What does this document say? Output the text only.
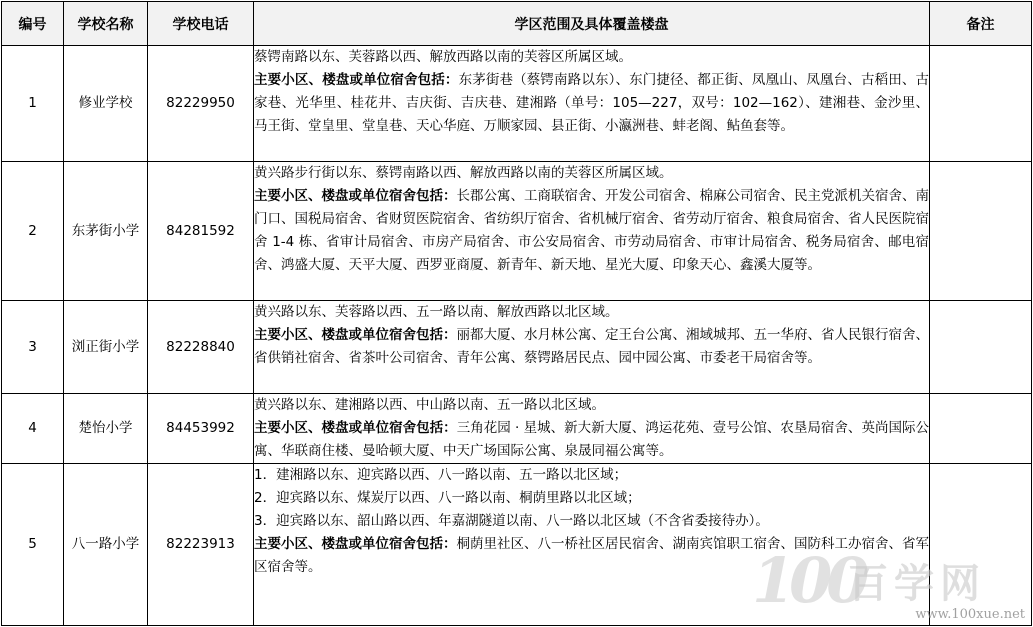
编号	学校名称	学校电话	学区范围及具体覆盖楼盘	备注
1	修业学校	82229950	蔡锷南路以东、芙蓉路以西、解放西路以南的芙蓉区所属区域。
主要小区、楼盘或单位宿舍包括：东茅街巷（蔡锷南路以东）、东门捷径、都正街、凤凰山、凤凰台、古稻田、古家巷、光华里、桂花井、吉庆街、吉庆巷、建湘路（单号：105—227，双号：102—162）、建湘巷、金沙里、马王街、堂皇里、堂皇巷、天心华庭、万顺家园、县正街、小瀛洲巷、蚌老阁、鲇鱼套等。	
2	东茅街小学	84281592	黄兴路步行街以东、蔡锷南路以西、解放西路以南的芙蓉区所属区域。
主要小区、楼盘或单位宿舍包括：长郡公寓、工商联宿舍、开发公司宿舍、棉麻公司宿舍、民主党派机关宿舍、南门口、国税局宿舍、省财贸医院宿舍、省纺织厅宿舍、省机械厅宿舍、省劳动厅宿舍、粮食局宿舍、省人民医院宿舍 1-4 栋、省审计局宿舍、市房产局宿舍、市公安局宿舍、市劳动局宿舍、市审计局宿舍、税务局宿舍、邮电宿舍、鸿盛大厦、天平大厦、西罗亚商厦、新青年、新天地、星光大厦、印象天心、鑫溪大厦等。	
3	浏正街小学	82228840	黄兴路以东、芙蓉路以西、五一路以南、解放西路以北区域。
主要小区、楼盘或单位宿舍包括：丽都大厦、水月林公寓、定王台公寓、湘域城邦、五一华府、省人民银行宿舍、省供销社宿舍、省茶叶公司宿舍、青年公寓、蔡锷路居民点、园中园公寓、市委老干局宿舍等。	
4	楚怡小学	84453992	黄兴路以东、建湘路以西、中山路以南、五一路以北区域。
主要小区、楼盘或单位宿舍包括：三角花园 · 星城、新大新大厦、鸿运花苑、壹号公馆、农垦局宿舍、英尚国际公寓、华联商住楼、曼哈顿大厦、中天广场国际公寓、泉晟同福公寓等。	
5	八一路小学	82223913	1．建湘路以东、迎宾路以西、八一路以南、五一路以北区域；
2．迎宾路以东、煤炭厅以西、八一路以南、桐荫里路以北区域；
3．迎宾路以东、韶山路以西、年嘉湖隧道以南、八一路以北区域（不含省委接待办）。
主要小区、楼盘或单位宿舍包括：桐荫里社区、八一桥社区居民宿舍、湖南宾馆职工宿舍、国防科工办宿舍、省军区宿舍等。		100
百学网
www.100xue.net
